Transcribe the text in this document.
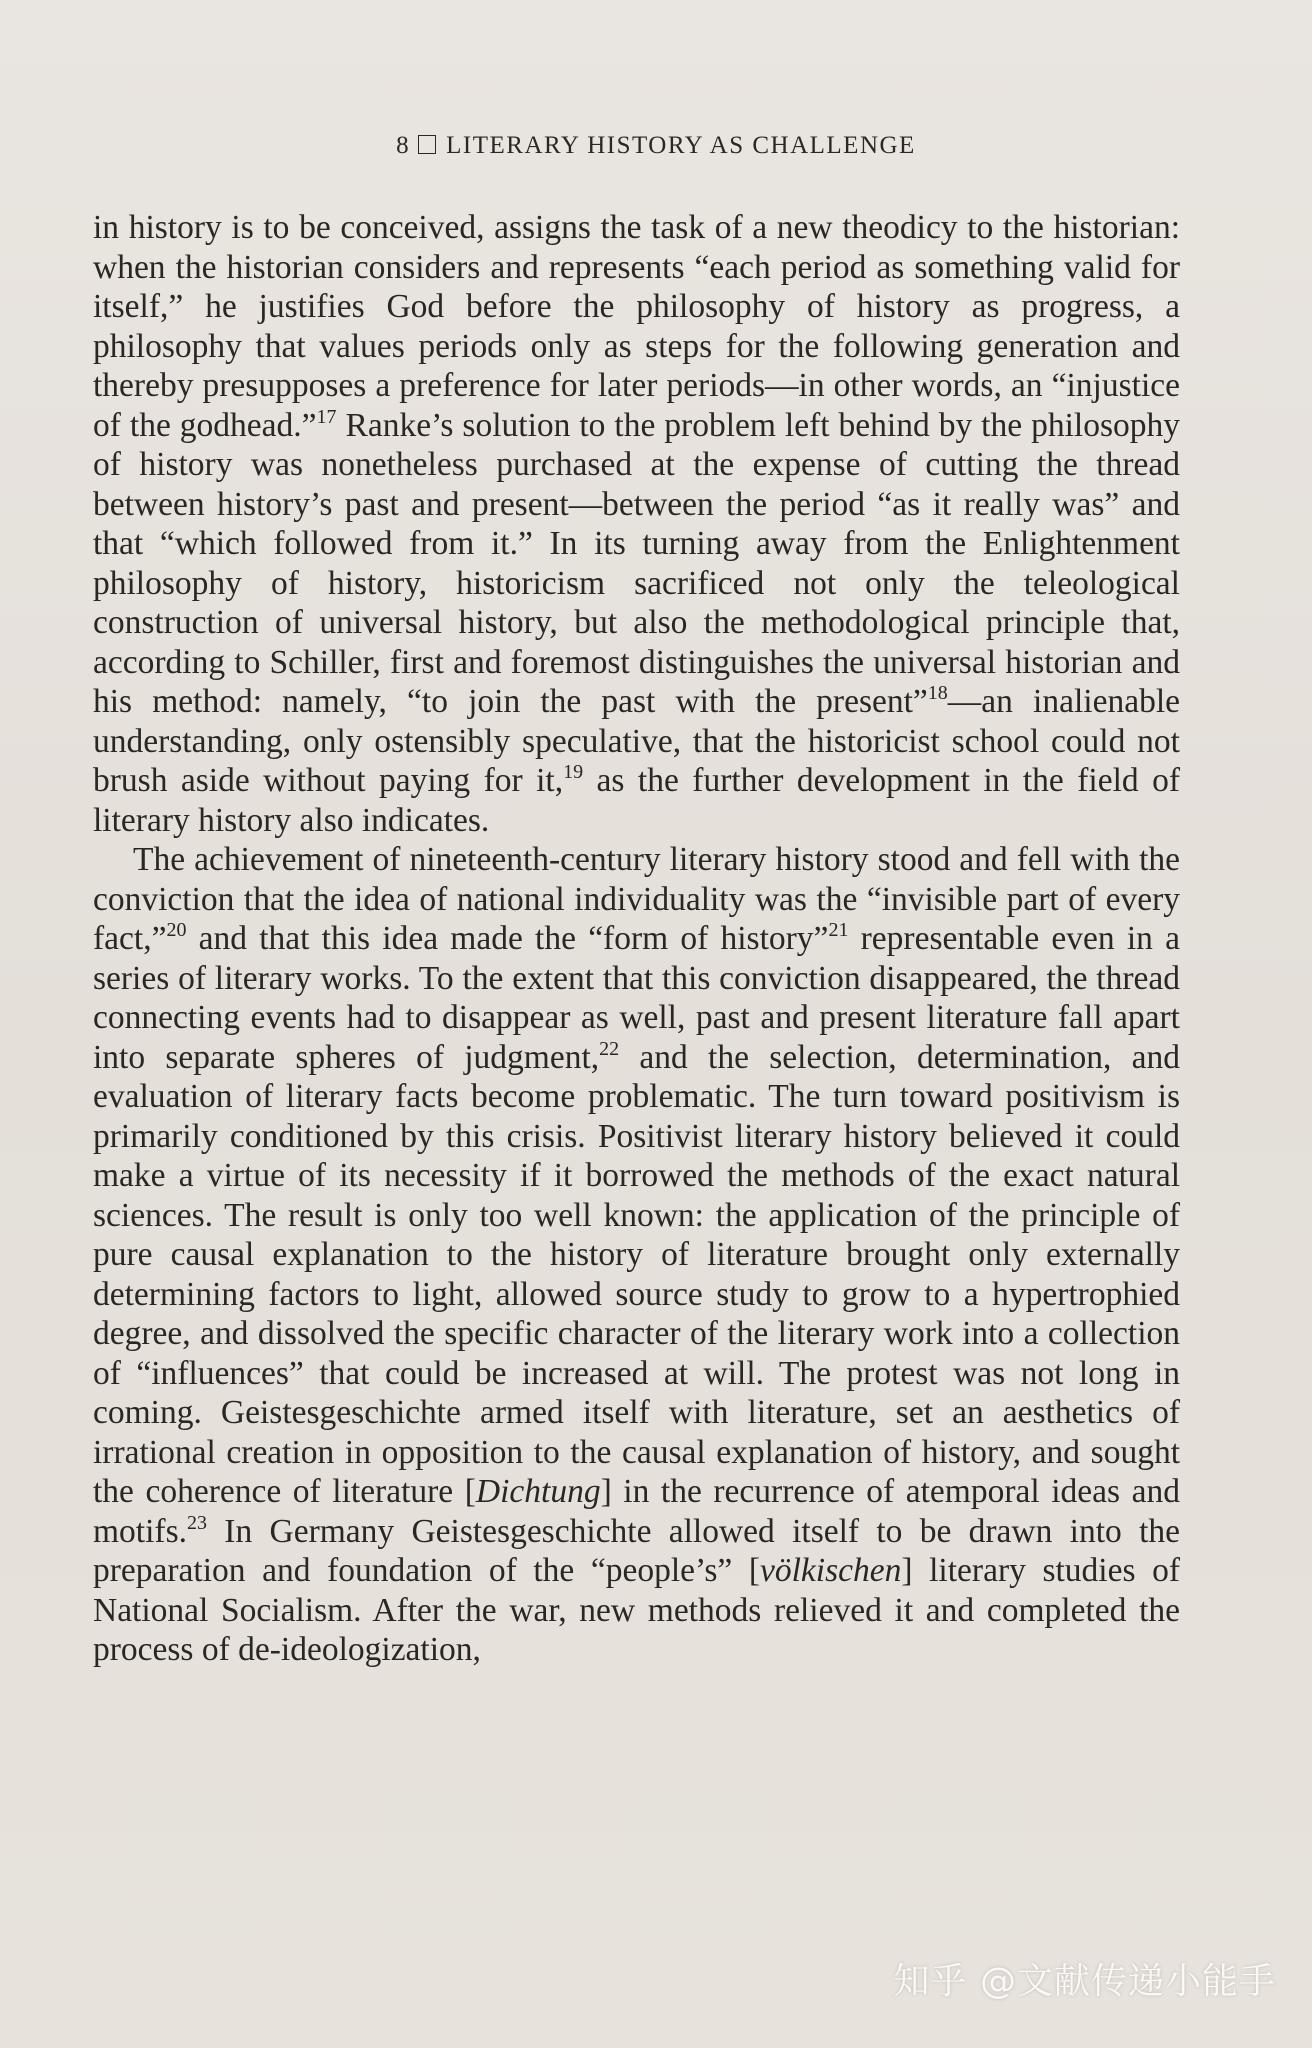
8 LITERARY HISTORY AS CHALLENGE

in history is to be conceived, assigns the task of a new theodicy to the historian: when the historian considers and represents “each period as something valid for itself,” he justifies God before the philosophy of history as progress, a philosophy that values periods only as steps for the following generation and thereby presupposes a preference for later periods—in other words, an “injustice of the godhead.”$^{17}$ Ranke’s solution to the problem left behind by the philosophy of history was nonetheless purchased at the expense of cutting the thread between history’s past and present—between the period “as it really was” and that “which followed from it.” In its turning away from the Enlightenment philosophy of history, historicism sacrificed not only the teleological construction of universal history, but also the methodological principle that, according to Schiller, first and foremost distinguishes the universal historian and his method: namely, “to join the past with the present”$^{18}$—an inalienable understanding, only ostensibly speculative, that the historicist school could not brush aside without paying for it,$^{19}$ as the further development in the field of literary history also indicates.

The achievement of nineteenth-century literary history stood and fell with the conviction that the idea of national individuality was the “invisible part of every fact,”$^{20}$ and that this idea made the “form of history”$^{21}$ representable even in a series of literary works. To the extent that this conviction disappeared, the thread connecting events had to disappear as well, past and present literature fall apart into separate spheres of judgment,$^{22}$ and the selection, determination, and evaluation of literary facts become problematic. The turn toward positivism is primarily conditioned by this crisis. Positivist literary history believed it could make a virtue of its necessity if it borrowed the methods of the exact natural sciences. The result is only too well known: the application of the principle of pure causal explanation to the history of literature brought only externally determining factors to light, allowed source study to grow to a hypertrophied degree, and dissolved the specific character of the literary work into a collection of “influences” that could be increased at will. The protest was not long in coming. Geistesgeschichte armed itself with literature, set an aesthetics of irrational creation in opposition to the causal explanation of history, and sought the coherence of literature [Dichtung] in the recurrence of atemporal ideas and motifs.$^{23}$ In Germany Geistesgeschichte allowed itself to be drawn into the preparation and foundation of the “people’s” [völkischen] literary studies of National Socialism. After the war, new methods relieved it and completed the process of de-ideologization,

知乎 @文献传递小能手
